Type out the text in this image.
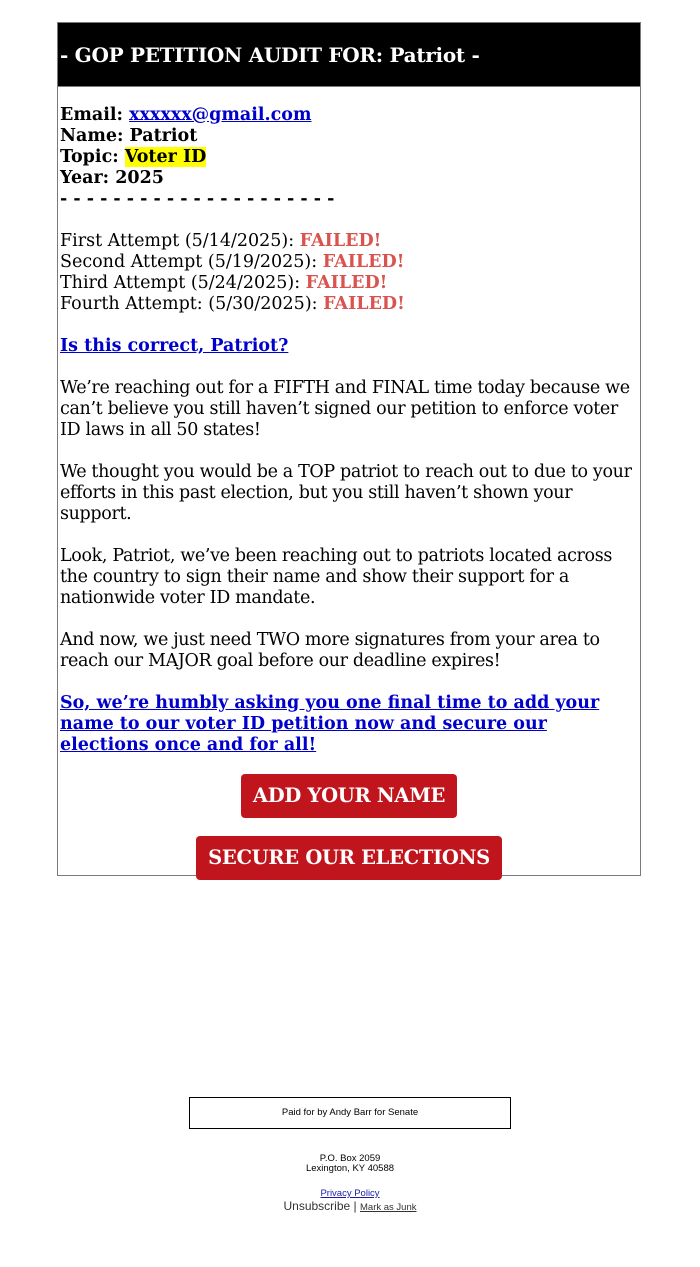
- GOP PETITION AUDIT FOR: Patriot -
Email: xxxxxx@gmail.com
Name: Patriot
Topic: Voter ID
Year: 2025
- - - - - - - - - - - - - - - - - - - - -
First Attempt (5/14/2025): FAILED!
Second Attempt (5/19/2025): FAILED!
Third Attempt (5/24/2025): FAILED!
Fourth Attempt: (5/30/2025): FAILED!
Is this correct, Patriot?

We’re reaching out for a FIFTH and FINAL time today because we can’t believe you still haven’t signed our petition to enforce voter ID laws in all 50 states!

We thought you would be a TOP patriot to reach out to due to your efforts in this past election, but you still haven’t shown your support.

Look, Patriot, we’ve been reaching out to patriots located across the country to sign their name and show their support for a nationwide voter ID mandate.

And now, we just need TWO more signatures from your area to reach our MAJOR goal before our deadline expires!

So, we’re humbly asking you one final time to add your name to our voter ID petition now and secure our elections once and for all!
ADD YOUR NAME
SECURE OUR ELECTIONS
Paid for by Andy Barr for Senate
P.O. Box 2059
Lexington, KY 40588
Privacy Policy
Unsubscribe | Mark as Junk
